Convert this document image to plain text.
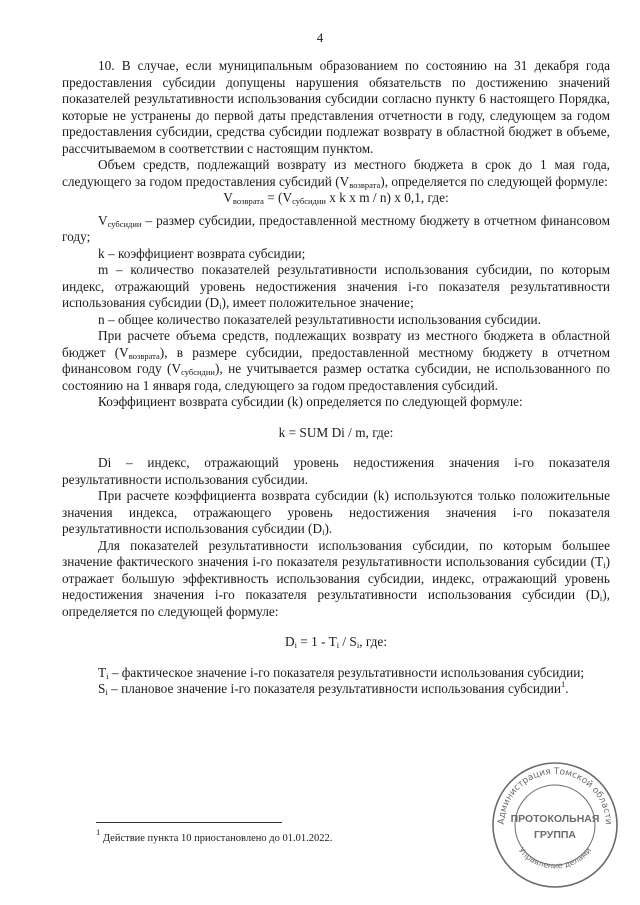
4

10. В случае, если муниципальным образованием по состоянию на 31 декабря года предоставления субсидии допущены нарушения обязательств по достижению значений показателей результативности использования субсидии согласно пункту 6 настоящего Порядка, которые не устранены до первой даты представления отчетности в году, следующем за годом предоставления субсидии, средства субсидии подлежат возврату в областной бюджет в объеме, рассчитываемом в соответствии с настоящим пунктом.

Объем средств, подлежащий возврату из местного бюджета в срок до 1 мая года, следующего за годом предоставления субсидий $(V_{возврата})$, определяется по следующей формуле:

$V_{возврата} = (V_{субсидии}$ x k x m / n) x 0,1, где:

$V_{субсидии}$ – размер субсидии, предоставленной местному бюджету в отчетном финансовом году;

k – коэффициент возврата субсидии;

m – количество показателей результативности использования субсидии, по которым индекс, отражающий уровень недостижения значения i-го показателя результативности использования субсидии $(D_i)$, имеет положительное значение;

n – общее количество показателей результативности использования субсидии.

При расчете объема средств, подлежащих возврату из местного бюджета в областной бюджет $(V_{возврата})$, в размере субсидии, предоставленной местному бюджету в отчетном финансовом году $(V_{субсидии})$, не учитывается размер остатка субсидии, не использованного по состоянию на 1 января года, следующего за годом предоставления субсидий.

Коэффициент возврата субсидии (k) определяется по следующей формуле:

k = SUM Di / m, где:

Di – индекс, отражающий уровень недостижения значения i-го показателя результативности использования субсидии.

При расчете коэффициента возврата субсидии (k) используются только положительные значения индекса, отражающего уровень недостижения значения i-го показателя результативности использования субсидии $(D_i)$.

Для показателей результативности использования субсидии, по которым большее значение фактического значения i-го показателя результативности использования субсидии $(T_i)$ отражает большую эффективность использования субсидии, индекс, отражающий уровень недостижения значения i-го показателя результативности использования субсидии $(D_i)$, определяется по следующей формуле:

$D_i = 1 - T_i / S_i$, где:

$T_i$ – фактическое значение i-го показателя результативности использования субсидии;

$S_i$ – плановое значение i-го показателя результативности использования субсидии$^1$.

$^1$ Действие пункта 10 приостановлено до 01.01.2022.
Администрация Томской области
Управление делами
ПРОТОКОЛЬНАЯ
ГРУППА
